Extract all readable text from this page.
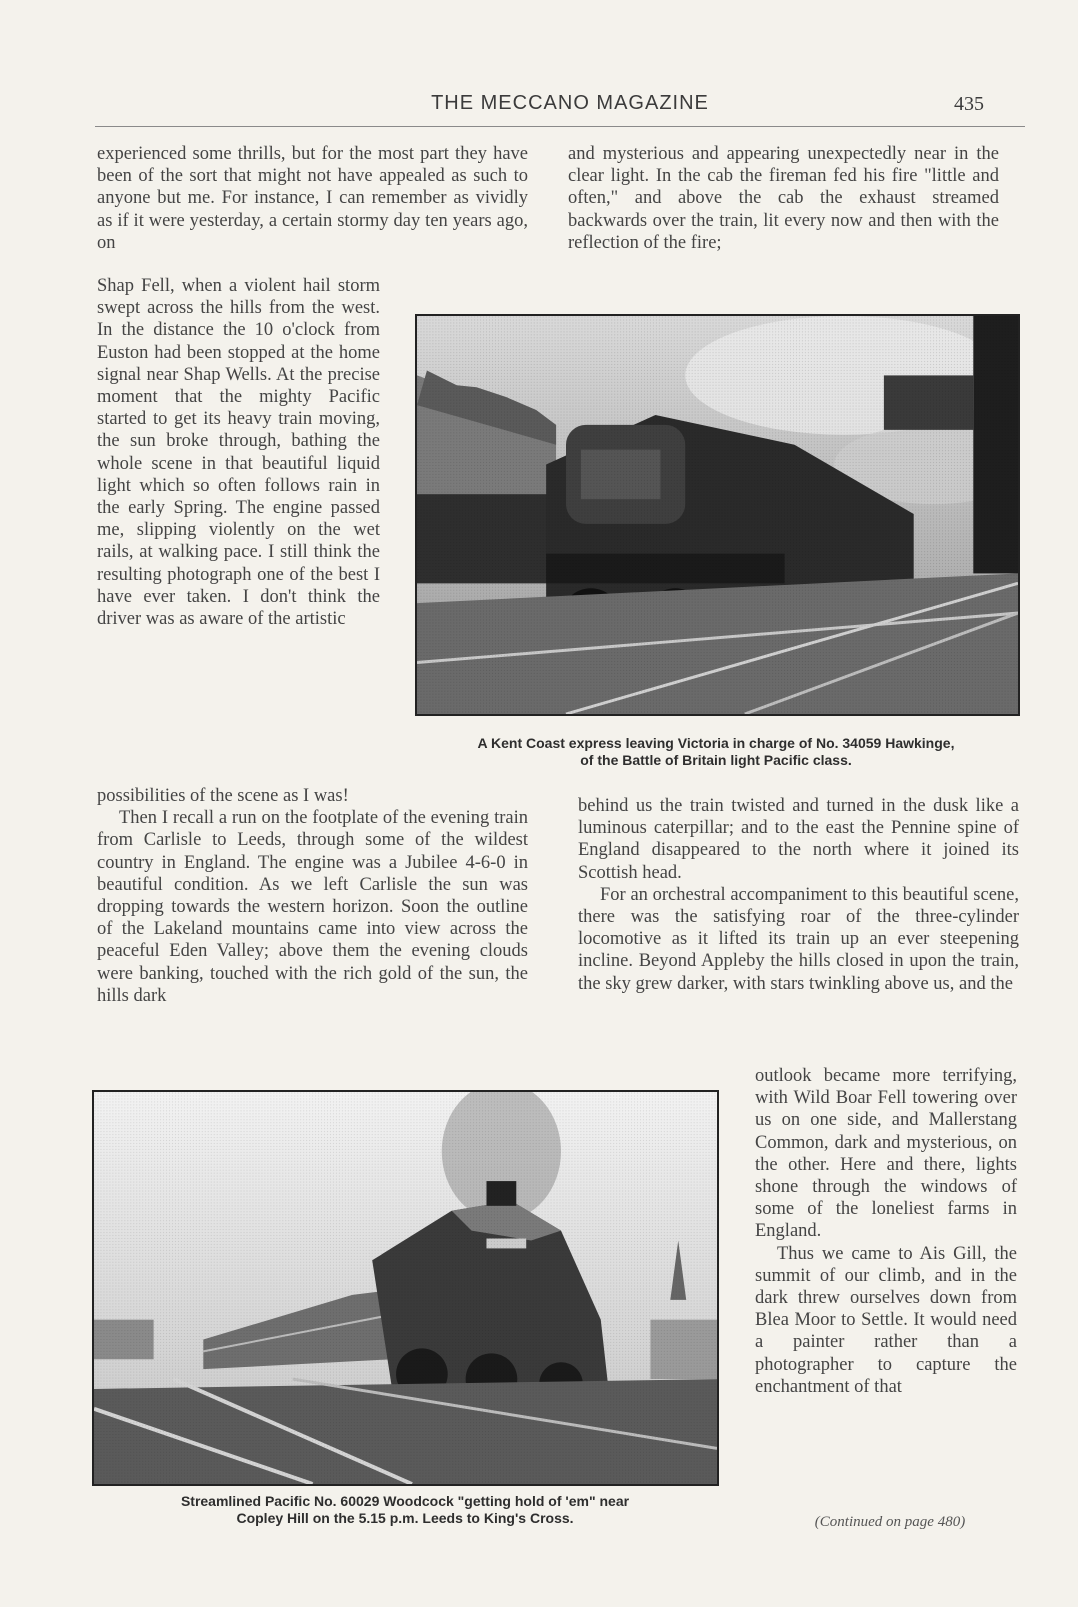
THE MECCANO MAGAZINE	435

experienced some thrills, but for the most part they have been of the sort that might not have appealed as such to anyone but me. For instance, I can remember as vividly as if it were yesterday, a certain stormy day ten years ago, on

Shap Fell, when a violent hail storm swept across the hills from the west. In the distance the 10 o'clock from Euston had been stopped at the home signal near Shap Wells. At the precise moment that the mighty Pacific started to get its heavy train moving, the sun broke through, bathing the whole scene in that beautiful liquid light which so often follows rain in the early Spring. The engine passed me, slipping violently on the wet rails, at walking pace. I still think the resulting photograph one of the best I have ever taken. I don't think the driver was as aware of the artistic

possibilities of the scene as I was!

Then I recall a run on the footplate of the evening train from Carlisle to Leeds, through some of the wildest country in England. The engine was a Jubilee 4-6-0 in beautiful condition. As we left Carlisle the sun was dropping towards the western horizon. Soon the outline of the Lakeland mountains came into view across the peaceful Eden Valley; above them the evening clouds were banking, touched with the rich gold of the sun, the hills dark

and mysterious and appearing unexpectedly near in the clear light. In the cab the fireman fed his fire "little and often," and above the cab the exhaust streamed backwards over the train, lit every now and then with the reflection of the fire;

A Kent Coast express leaving Victoria in charge of No. 34059 Hawkinge,
of the Battle of Britain light Pacific class.

behind us the train twisted and turned in the dusk like a luminous caterpillar; and to the east the Pennine spine of England disappeared to the north where it joined its Scottish head.

For an orchestral accompaniment to this beautiful scene, there was the satisfying roar of the three-cylinder locomotive as it lifted its train up an ever steepening incline. Beyond Appleby the hills closed in upon the train, the sky grew darker, with stars twinkling above us, and the

Streamlined Pacific No. 60029 Woodcock "getting hold of 'em" near
Copley Hill on the 5.15 p.m. Leeds to King's Cross.

outlook became more terrifying, with Wild Boar Fell towering over us on one side, and Mallerstang Common, dark and mysterious, on the other. Here and there, lights shone through the windows of some of the loneliest farms in England.

Thus we came to Ais Gill, the summit of our climb, and in the dark threw ourselves down from Blea Moor to Settle. It would need a painter rather than a photographer to capture the enchantment of that

(Continued on page 480)
